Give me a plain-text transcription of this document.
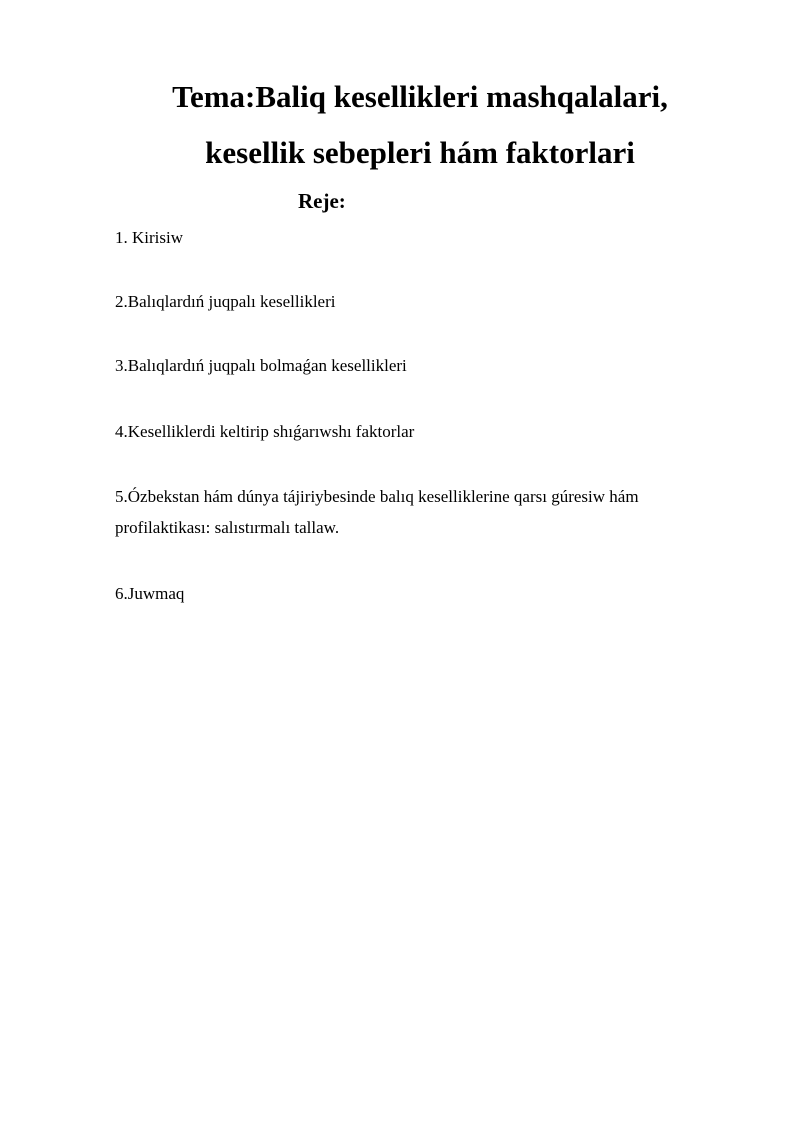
Tema:Baliq kesellikleri mashqalalari,
kesellik sebepleri hám faktorlari
Reje:

1. Kirisiw

2.Balıqlardıń juqpalı kesellikleri

3.Balıqlardıń juqpalı bolmaǵan kesellikleri

4.Keselliklerdi keltirip shıǵarıwshı faktorlar

5.Ózbekstan hám dúnya tájiriybesinde balıq keselliklerine qarsı gúresiw hám profilaktikası: salıstırmalı tallaw.

6.Juwmaq
